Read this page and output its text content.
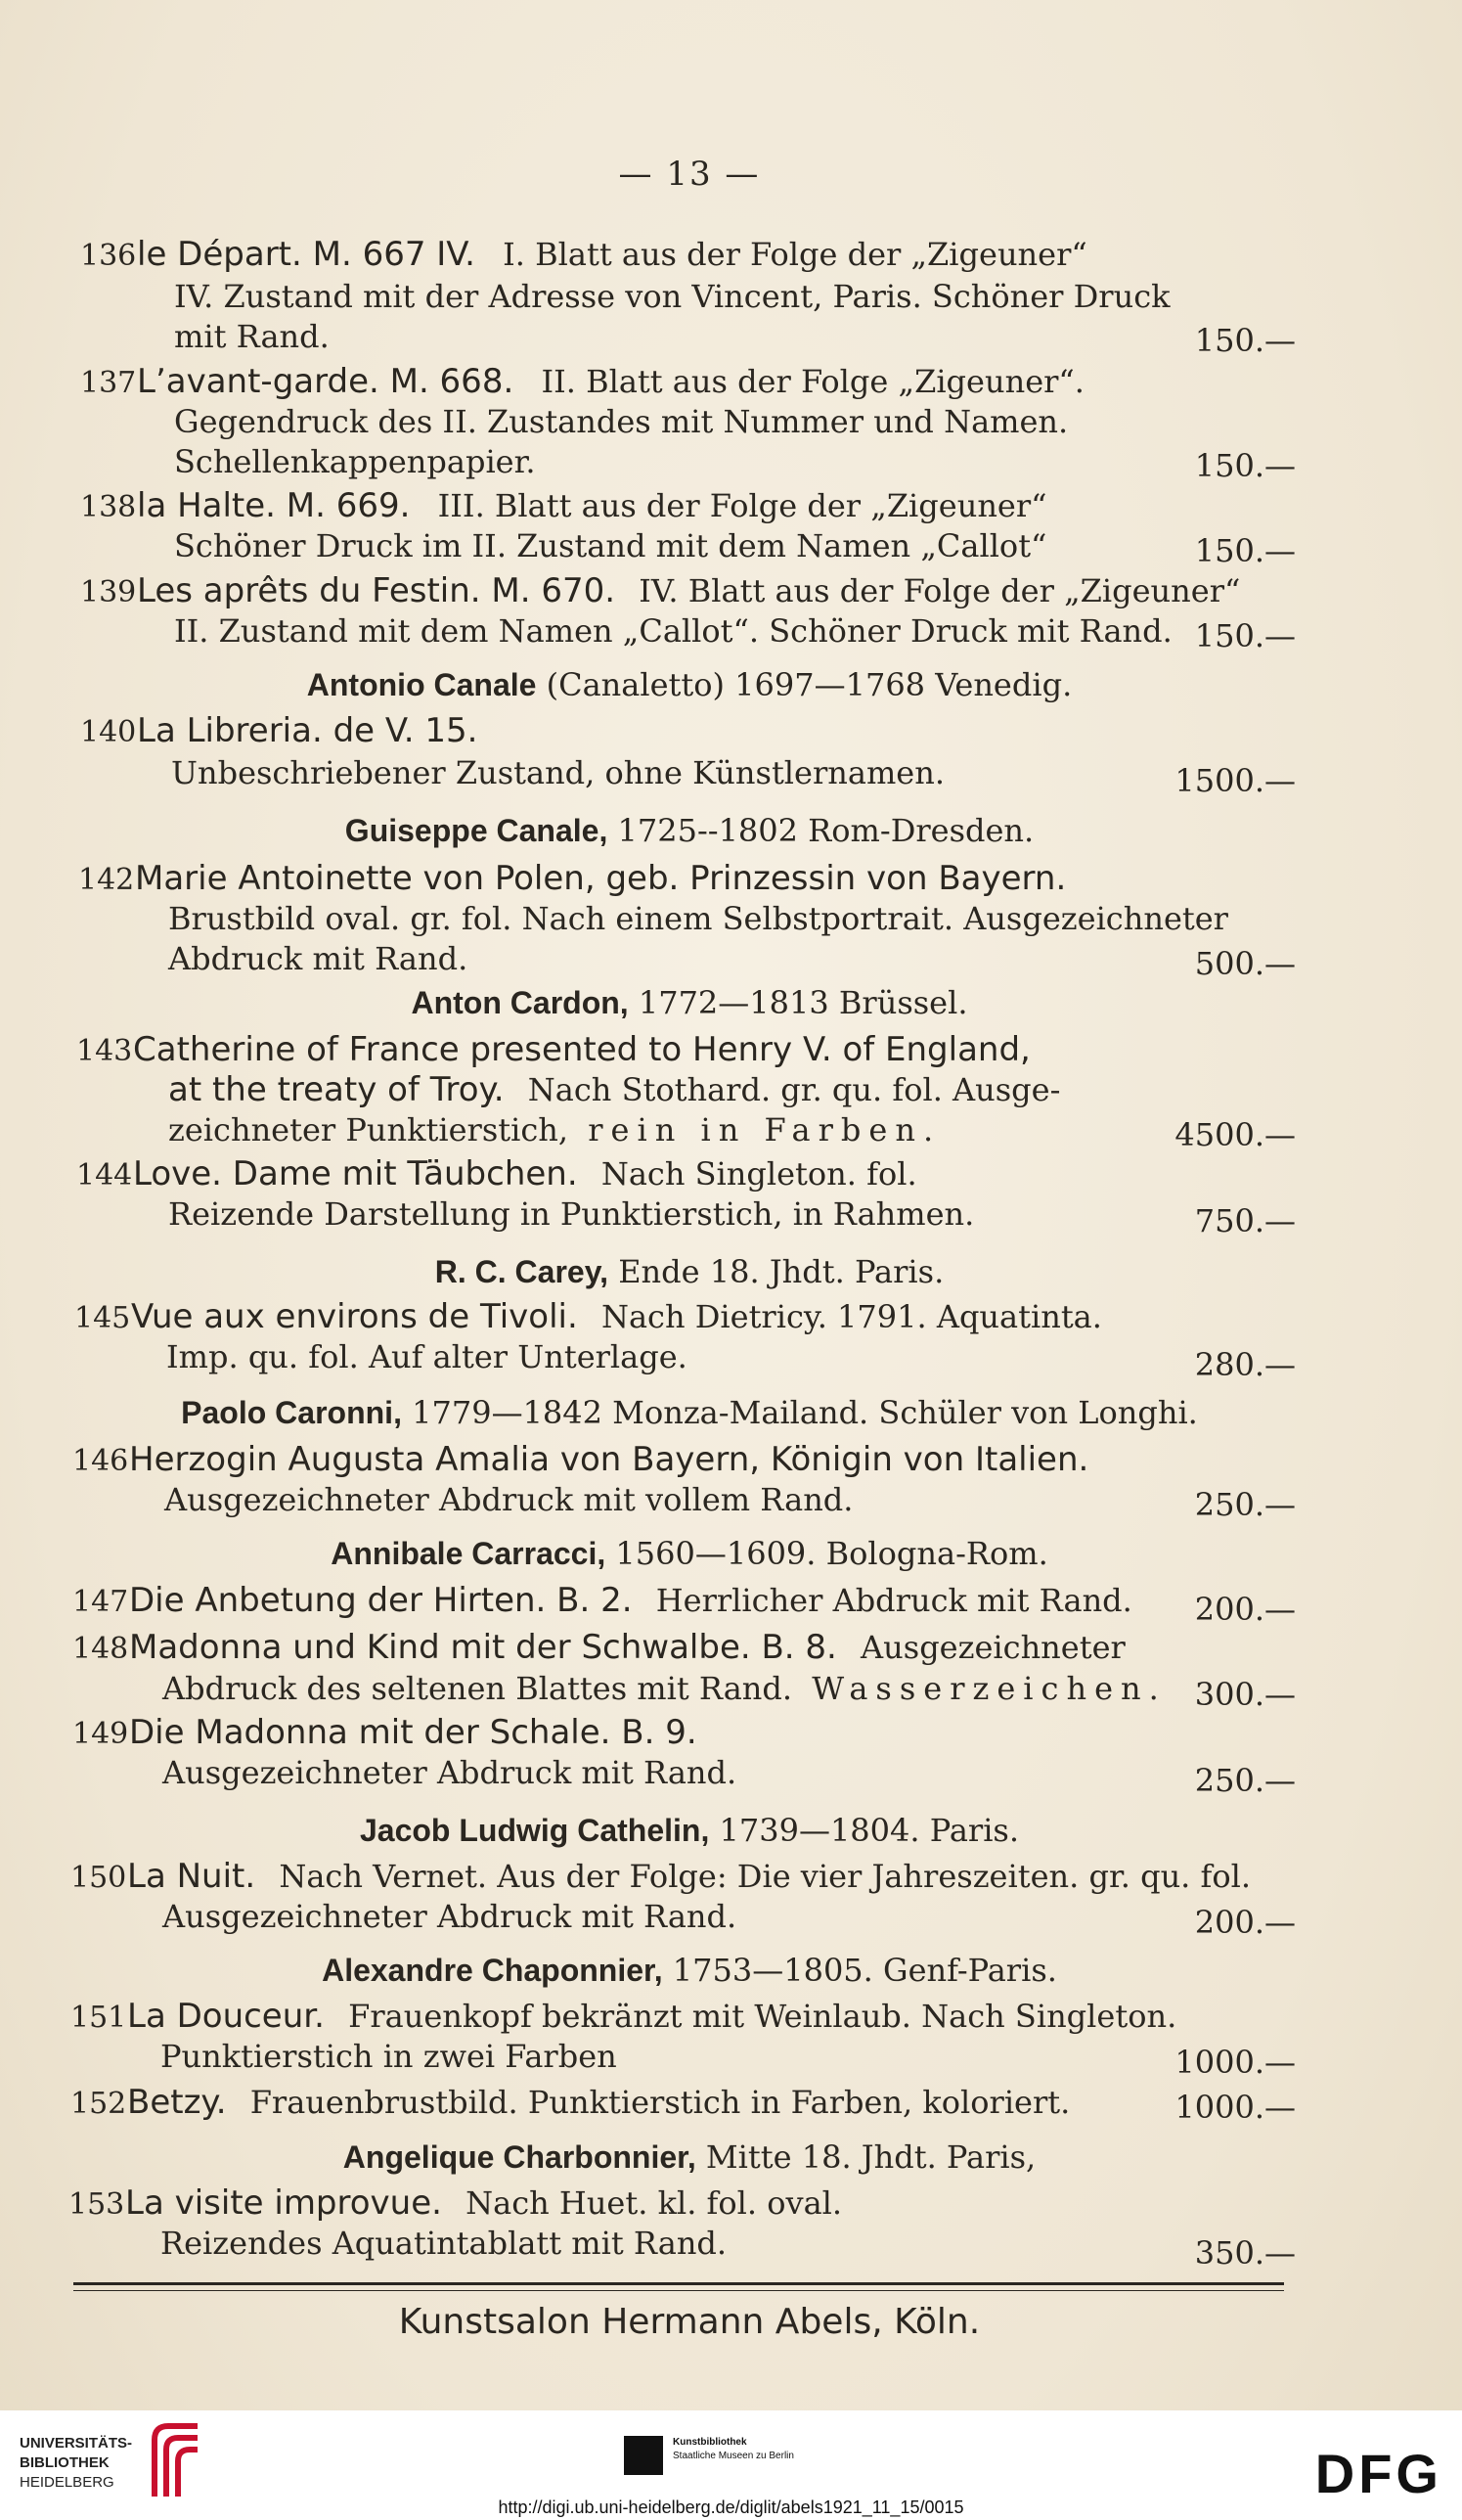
— 13 —
136le Départ. M. 667 IV. I. Blatt aus der Folge der „Zigeuner“
IV. Zustand mit der Adresse von Vincent, Paris. Schöner Druck
mit Rand.	150.—
137L’avant-garde. M. 668. II. Blatt aus der Folge „Zigeuner“.
Gegendruck des II. Zustandes mit Nummer und Namen.
Schellenkappenpapier.	150.—
138la Halte. M. 669. III. Blatt aus der Folge der „Zigeuner“
Schöner Druck im II. Zustand mit dem Namen „Callot“	150.—
139Les aprêts du Festin. M. 670. IV. Blatt aus der Folge der „Zigeuner“
II. Zustand mit dem Namen „Callot“. Schöner Druck mit Rand. 150.—
Antonio Canale (Canaletto) 1697—1768 Venedig.
140La Libreria. de V. 15.
Unbeschriebener Zustand, ohne Künstlernamen.	1500.—
Guiseppe Canale, 1725--1802 Rom-Dresden.
142Marie Antoinette von Polen, geb. Prinzessin von Bayern.
Brustbild oval. gr. fol. Nach einem Selbstportrait. Ausgezeichneter
Abdruck mit Rand.	500.—
Anton Cardon, 1772—1813 Brüssel.
143Catherine of France presented to Henry V. of England,
at the treaty of Troy. Nach Stothard. gr. qu. fol. Ausge-
zeichneter Punktierstich, rein in Farben.	4500.—
144Love. Dame mit Täubchen. Nach Singleton. fol.
Reizende Darstellung in Punktierstich, in Rahmen.	750.—
R. C. Carey, Ende 18. Jhdt. Paris.
145Vue aux environs de Tivoli. Nach Dietricy. 1791. Aquatinta.
Imp. qu. fol. Auf alter Unterlage.	280.—
Paolo Caronni, 1779—1842 Monza-Mailand. Schüler von Longhi.
146Herzogin Augusta Amalia von Bayern, Königin von Italien.
Ausgezeichneter Abdruck mit vollem Rand.	250.—
Annibale Carracci, 1560—1609. Bologna-Rom.
147Die Anbetung der Hirten. B. 2. Herrlicher Abdruck mit Rand. 200.—
148Madonna und Kind mit der Schwalbe. B. 8. Ausgezeichneter
Abdruck des seltenen Blattes mit Rand. Wasserzeichen. 300.—
149Die Madonna mit der Schale. B. 9.
Ausgezeichneter Abdruck mit Rand.	250.—
Jacob Ludwig Cathelin, 1739—1804. Paris.
150La Nuit. Nach Vernet. Aus der Folge: Die vier Jahreszeiten. gr. qu. fol.
Ausgezeichneter Abdruck mit Rand.	200.—
Alexandre Chaponnier, 1753—1805. Genf-Paris.
151La Douceur. Frauenkopf bekränzt mit Weinlaub. Nach Singleton.
Punktierstich in zwei Farben	1000.—
152Betzy. Frauenbrustbild. Punktierstich in Farben, koloriert.	1000.—
Angelique Charbonnier, Mitte 18. Jhdt. Paris,
153La visite improvue. Nach Huet. kl. fol. oval.
Reizendes Aquatintablatt mit Rand.	350.—
Kunstsalon Hermann Abels, Köln.
UNIVERSITÄTS-
BIBLIOTHEK
HEIDELBERG
Kunstbibliothek
Staatliche Museen zu Berlin	DFG
http://digi.ub.uni-heidelberg.de/diglit/abels1921_11_15/0015
